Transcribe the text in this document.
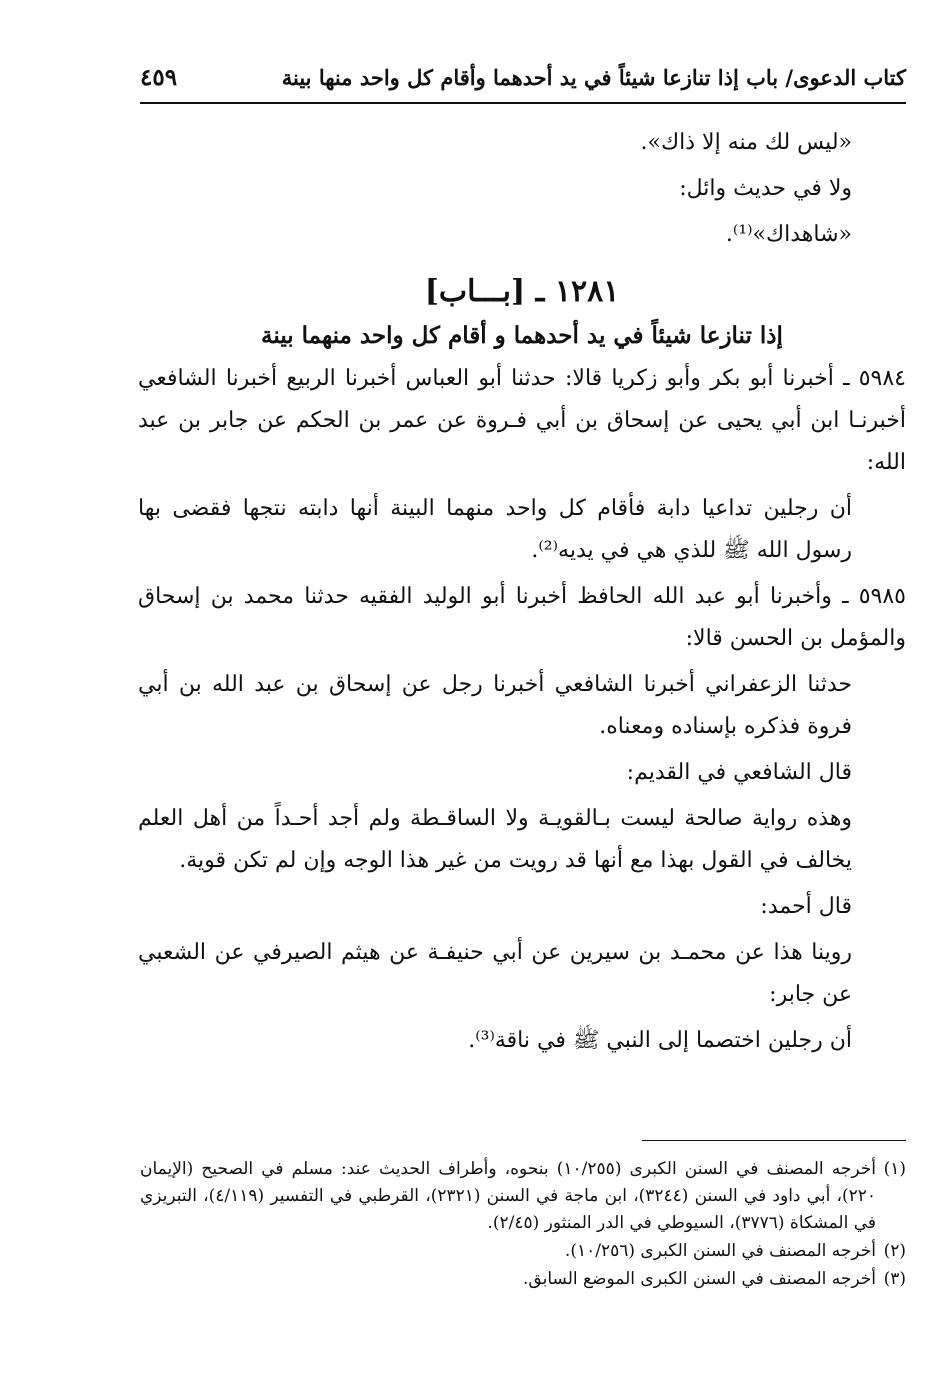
كتاب الدعوى/ باب إذا تنازعا شيئاً في يد أحدهما وأقام كل واحد منها بينة
٤٥٩

«ليس لك منه إلا ذاك».

ولا في حديث وائل:

«شاهداك»⁽¹⁾.

١٢٨١ ـ [بـــاب]
إذا تنازعا شيئاً في يد أحدهما و أقام كل واحد منهما بينة

٥٩٨٤ ـ أخبرنا أبو بكر وأبو زكريا قالا: حدثنا أبو العباس أخبرنا الربيع أخبرنا الشافعي أخبرنـا ابن أبي يحيى عن إسحاق بن أبي فـروة عن عمر بن الحكم عن جابر بن عبد الله:

أن رجلين تداعيا دابة فأقام كل واحد منهما البينة أنها دابته نتجها فقضى بها رسول الله ﷺ للذي هي في يديه⁽²⁾.

٥٩٨٥ ـ وأخبرنا أبو عبد الله الحافظ أخبرنا أبو الوليد الفقيه حدثنا محمد بن إسحاق والمؤمل بن الحسن قالا:

حدثنا الزعفراني أخبرنا الشافعي أخبرنا رجل عن إسحاق بن عبد الله بن أبي فروة فذكره بإسناده ومعناه.

قال الشافعي في القديم:

وهذه رواية صالحة ليست بـالقويـة ولا الساقـطة ولم أجد أحـداً من أهل العلم يخالف في القول بهذا مع أنها قد رويت من غير هذا الوجه وإن لم تكن قوية.

قال أحمد:

روينا هذا عن محمـد بن سيرين عن أبي حنيفـة عن هيثم الصيرفي عن الشعبي عن جابر:

أن رجلين اختصما إلى النبي ﷺ في ناقة⁽³⁾.

(١)
أخرجه المصنف في السنن الكبرى (١٠/٢٥٥) بنحوه، وأطراف الحديث عند: مسلم في الصحيح (الإيمان ٢٢٠)، أبي داود في السنن (٣٢٤٤)، ابن ماجة في السنن (٢٣٢١)، القرطبي في التفسير (٤/١١٩)، التبريزي في المشكاة (٣٧٧٦)، السيوطي في الدر المنثور (٢/٤٥).
(٢)
أخرجه المصنف في السنن الكبرى (١٠/٢٥٦).
(٣)
أخرجه المصنف في السنن الكبرى الموضع السابق.
